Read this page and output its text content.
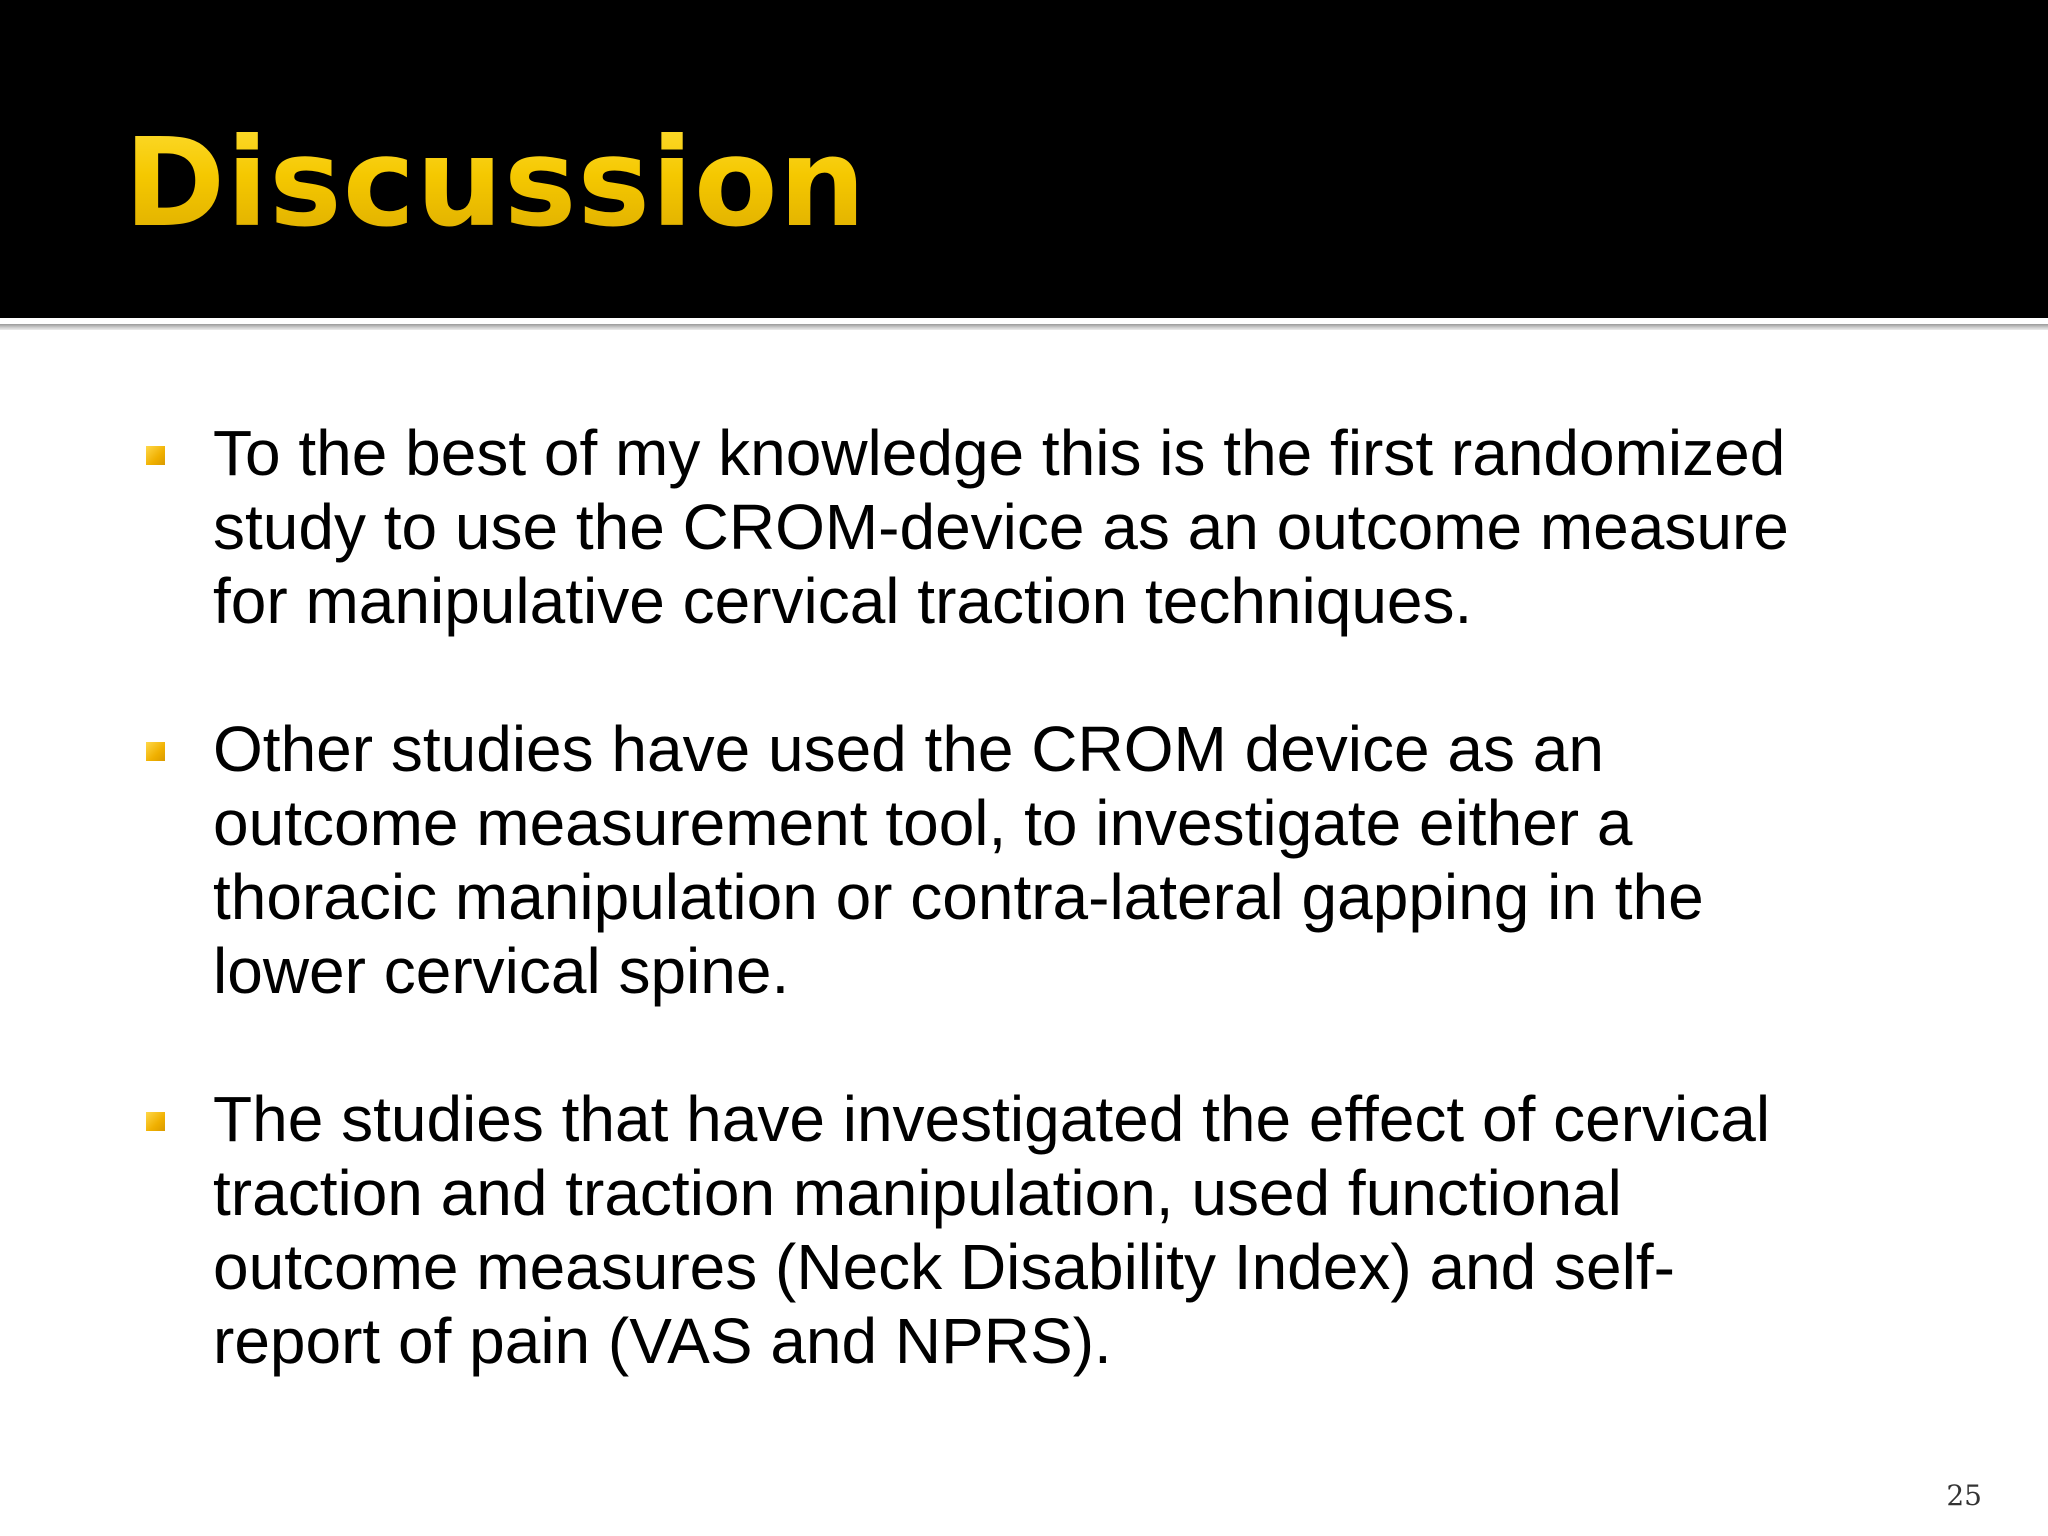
Discussion
To the best of my knowledge this is the first randomized
study to use the CROM-device as an outcome measure
for manipulative cervical traction techniques.
Other studies have used the CROM device as an
outcome measurement tool, to investigate either a
thoracic manipulation or contra-lateral gapping in the
lower cervical spine.
The studies that have investigated the effect of cervical
traction and traction manipulation, used functional
outcome measures (Neck Disability Index) and self-
report of pain (VAS and NPRS).
25
